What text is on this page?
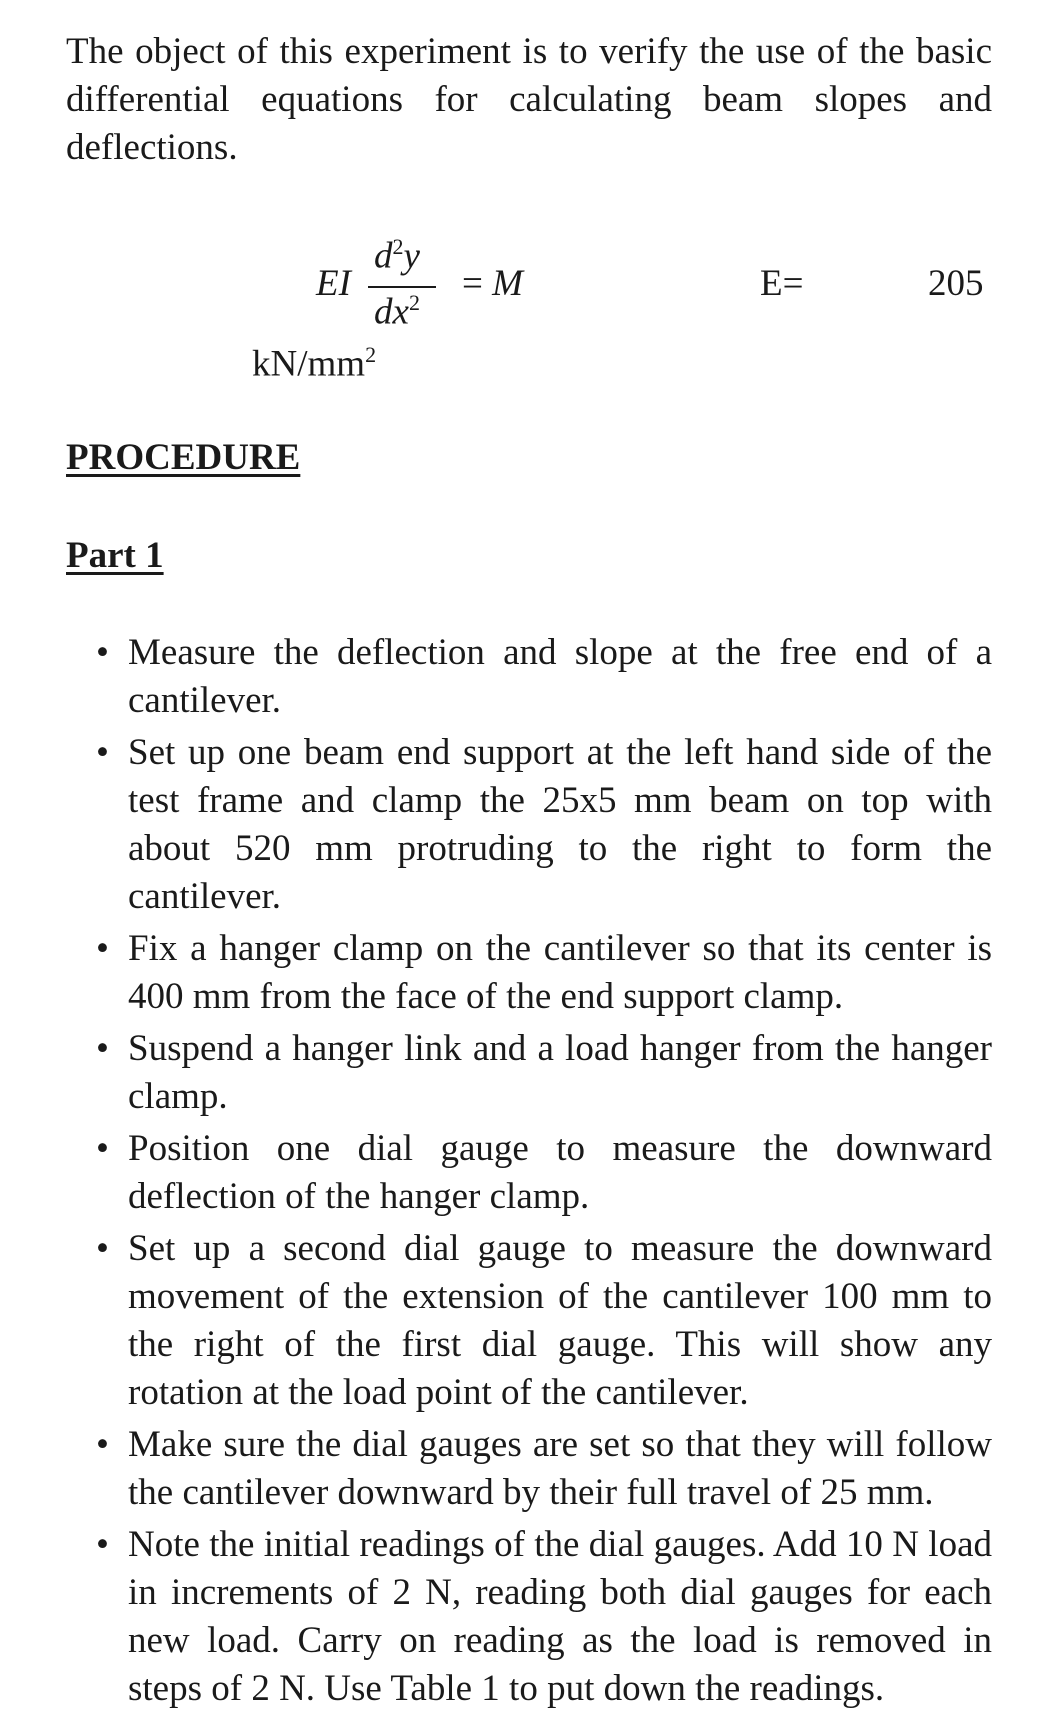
The object of this experiment is to verify the use of the basic differential equations for calculating beam slopes and deflections.
EI
$d^2y$
$dx^2 = M$	E=	205
$kN/mm^2$
PROCEDURE
Part 1
• Measure the deflection and slope at the free end of a cantilever.
• Set up one beam end support at the left hand side of the test frame and clamp the 25x5 mm beam on top with about 520 mm protruding to the right to form the cantilever.
• Fix a hanger clamp on the cantilever so that its center is 400 mm from the face of the end support clamp.
• Suspend a hanger link and a load hanger from the hanger clamp.
• Position one dial gauge to measure the downward deflection of the hanger clamp.
• Set up a second dial gauge to measure the downward movement of the extension of the cantilever 100 mm to the right of the first dial gauge. This will show any rotation at the load point of the cantilever.
• Make sure the dial gauges are set so that they will follow the cantilever downward by their full travel of 25 mm.
• Note the initial readings of the dial gauges. Add 10 N load in increments of 2 N, reading both dial gauges for each new load. Carry on reading as the load is removed in steps of 2 N. Use Table 1 to put down the readings.
